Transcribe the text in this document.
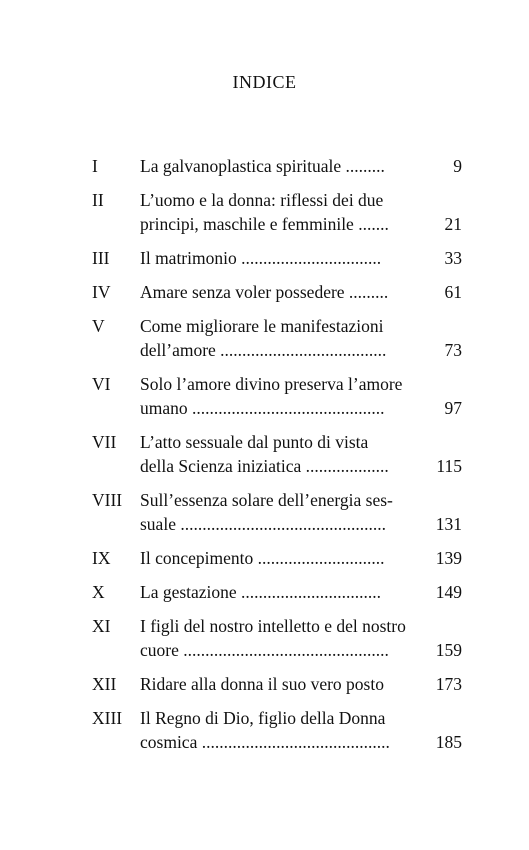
INDICE
I	La galvanoplastica spirituale .........	9
II	L’uomo e la donna: riflessi dei due
principi, maschile e femminile .......	21
III	Il matrimonio ................................	33
IV	Amare senza voler possedere .........	61
V	Come migliorare le manifestazioni
dell’amore ......................................	73
VI	Solo l’amore divino preserva l’amore
umano ............................................	97
VII	L’atto sessuale dal punto di vista
della Scienza iniziatica ...................	115
VIII	Sull’essenza solare dell’energia ses-
suale ...............................................	131
IX	Il concepimento .............................	139
X	La gestazione ................................	149
XI	I figli del nostro intelletto e del nostro
cuore ...............................................	159
XII	Ridare alla donna il suo vero posto	173
XIII	Il Regno di Dio, figlio della Donna
cosmica ...........................................	185
